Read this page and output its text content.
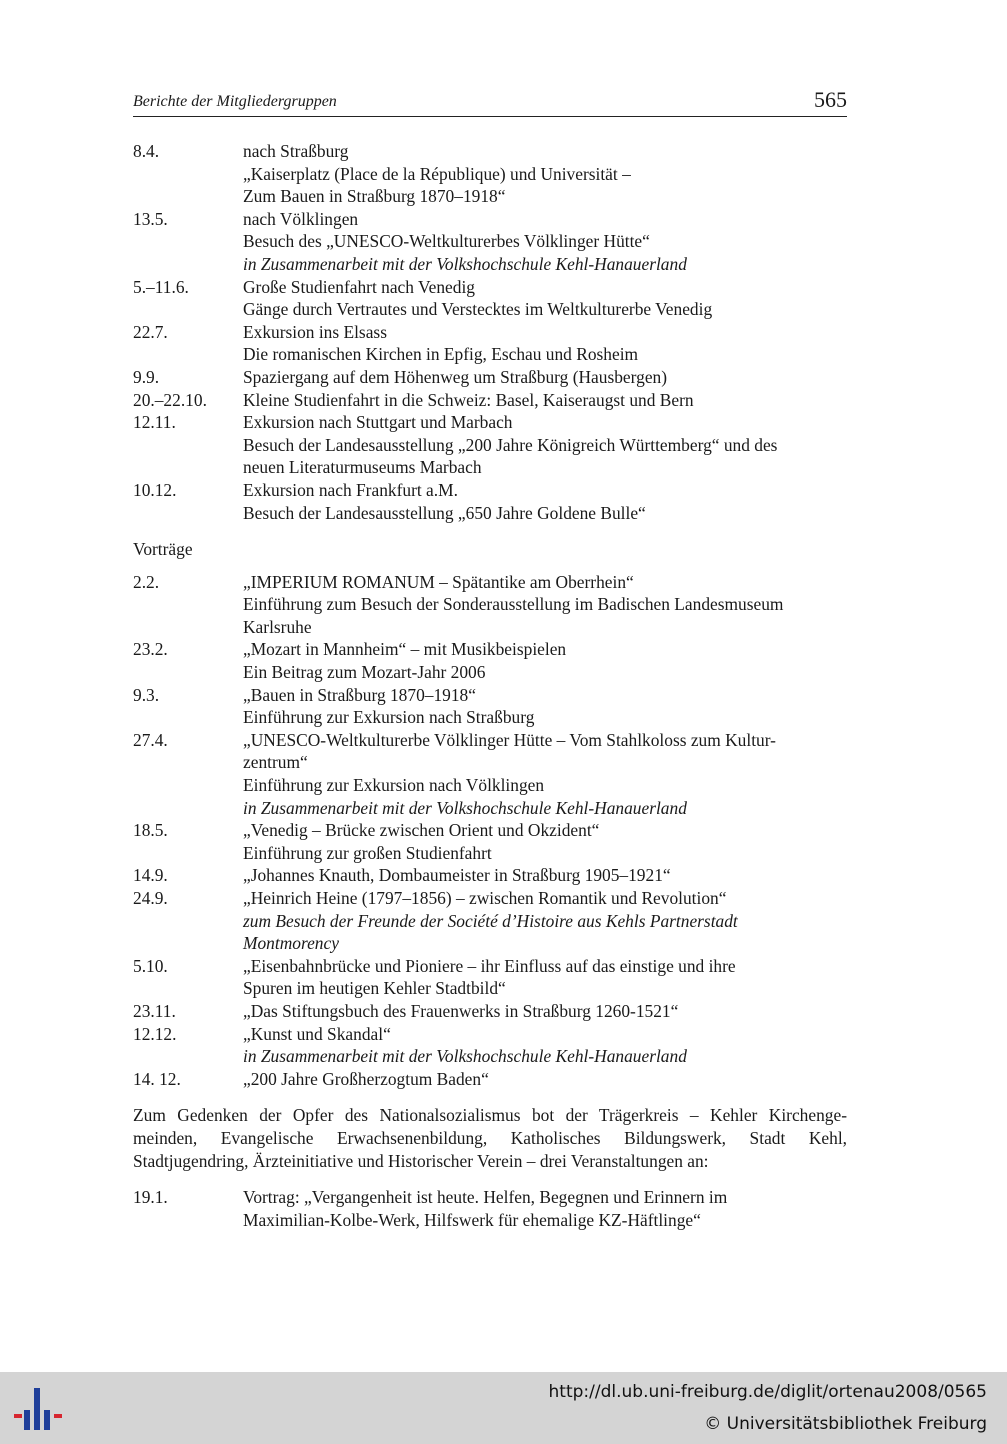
Berichte der Mitgliedergruppen	565
8.4.	nach Straßburg
„Kaiserplatz (Place de la République) und Universität –
Zum Bauen in Straßburg 1870–1918“
13.5.	nach Völklingen
Besuch des „UNESCO-Weltkulturerbes Völklinger Hütte“
in Zusammenarbeit mit der Volkshochschule Kehl-Hanauerland
5.–11.6.	Große Studienfahrt nach Venedig
Gänge durch Vertrautes und Verstecktes im Weltkulturerbe Venedig
22.7.	Exkursion ins Elsass
Die romanischen Kirchen in Epfig, Eschau und Rosheim
9.9.	Spaziergang auf dem Höhenweg um Straßburg (Hausbergen)
20.–22.10.	Kleine Studienfahrt in die Schweiz: Basel, Kaiseraugst und Bern
12.11.	Exkursion nach Stuttgart und Marbach
Besuch der Landesausstellung „200 Jahre Königreich Württemberg“ und des
neuen Literaturmuseums Marbach
10.12.	Exkursion nach Frankfurt a.M.
Besuch der Landesausstellung „650 Jahre Goldene Bulle“
Vorträge
2.2.	„IMPERIUM ROMANUM – Spätantike am Oberrhein“
Einführung zum Besuch der Sonderausstellung im Badischen Landesmuseum
Karlsruhe
23.2.	„Mozart in Mannheim“ – mit Musikbeispielen
Ein Beitrag zum Mozart-Jahr 2006
9.3.	„Bauen in Straßburg 1870–1918“
Einführung zur Exkursion nach Straßburg
27.4.	„UNESCO-Weltkulturerbe Völklinger Hütte – Vom Stahlkoloss zum Kultur-
zentrum“
Einführung zur Exkursion nach Völklingen
in Zusammenarbeit mit der Volkshochschule Kehl-Hanauerland
18.5.	„Venedig – Brücke zwischen Orient und Okzident“
Einführung zur großen Studienfahrt
14.9.	„Johannes Knauth, Dombaumeister in Straßburg 1905–1921“
24.9.	„Heinrich Heine (1797–1856) – zwischen Romantik und Revolution“
zum Besuch der Freunde der Société d’Histoire aus Kehls Partnerstadt
Montmorency
5.10.	„Eisenbahnbrücke und Pioniere – ihr Einfluss auf das einstige und ihre
Spuren im heutigen Kehler Stadtbild“
23.11.	„Das Stiftungsbuch des Frauenwerks in Straßburg 1260-1521“
12.12.	„Kunst und Skandal“
in Zusammenarbeit mit der Volkshochschule Kehl-Hanauerland
14. 12.	„200 Jahre Großherzogtum Baden“
Zum Gedenken der Opfer des Nationalsozialismus bot der Trägerkreis – Kehler Kirchenge-
meinden, Evangelische Erwachsenenbildung, Katholisches Bildungswerk, Stadt Kehl,
Stadtjugendring, Ärzteinitiative und Historischer Verein – drei Veranstaltungen an:
19.1.	Vortrag: „Vergangenheit ist heute. Helfen, Begegnen und Erinnern im
Maximilian-Kolbe-Werk, Hilfswerk für ehemalige KZ-Häftlinge“
http://dl.ub.uni-freiburg.de/diglit/ortenau2008/0565
© Universitätsbibliothek Freiburg
